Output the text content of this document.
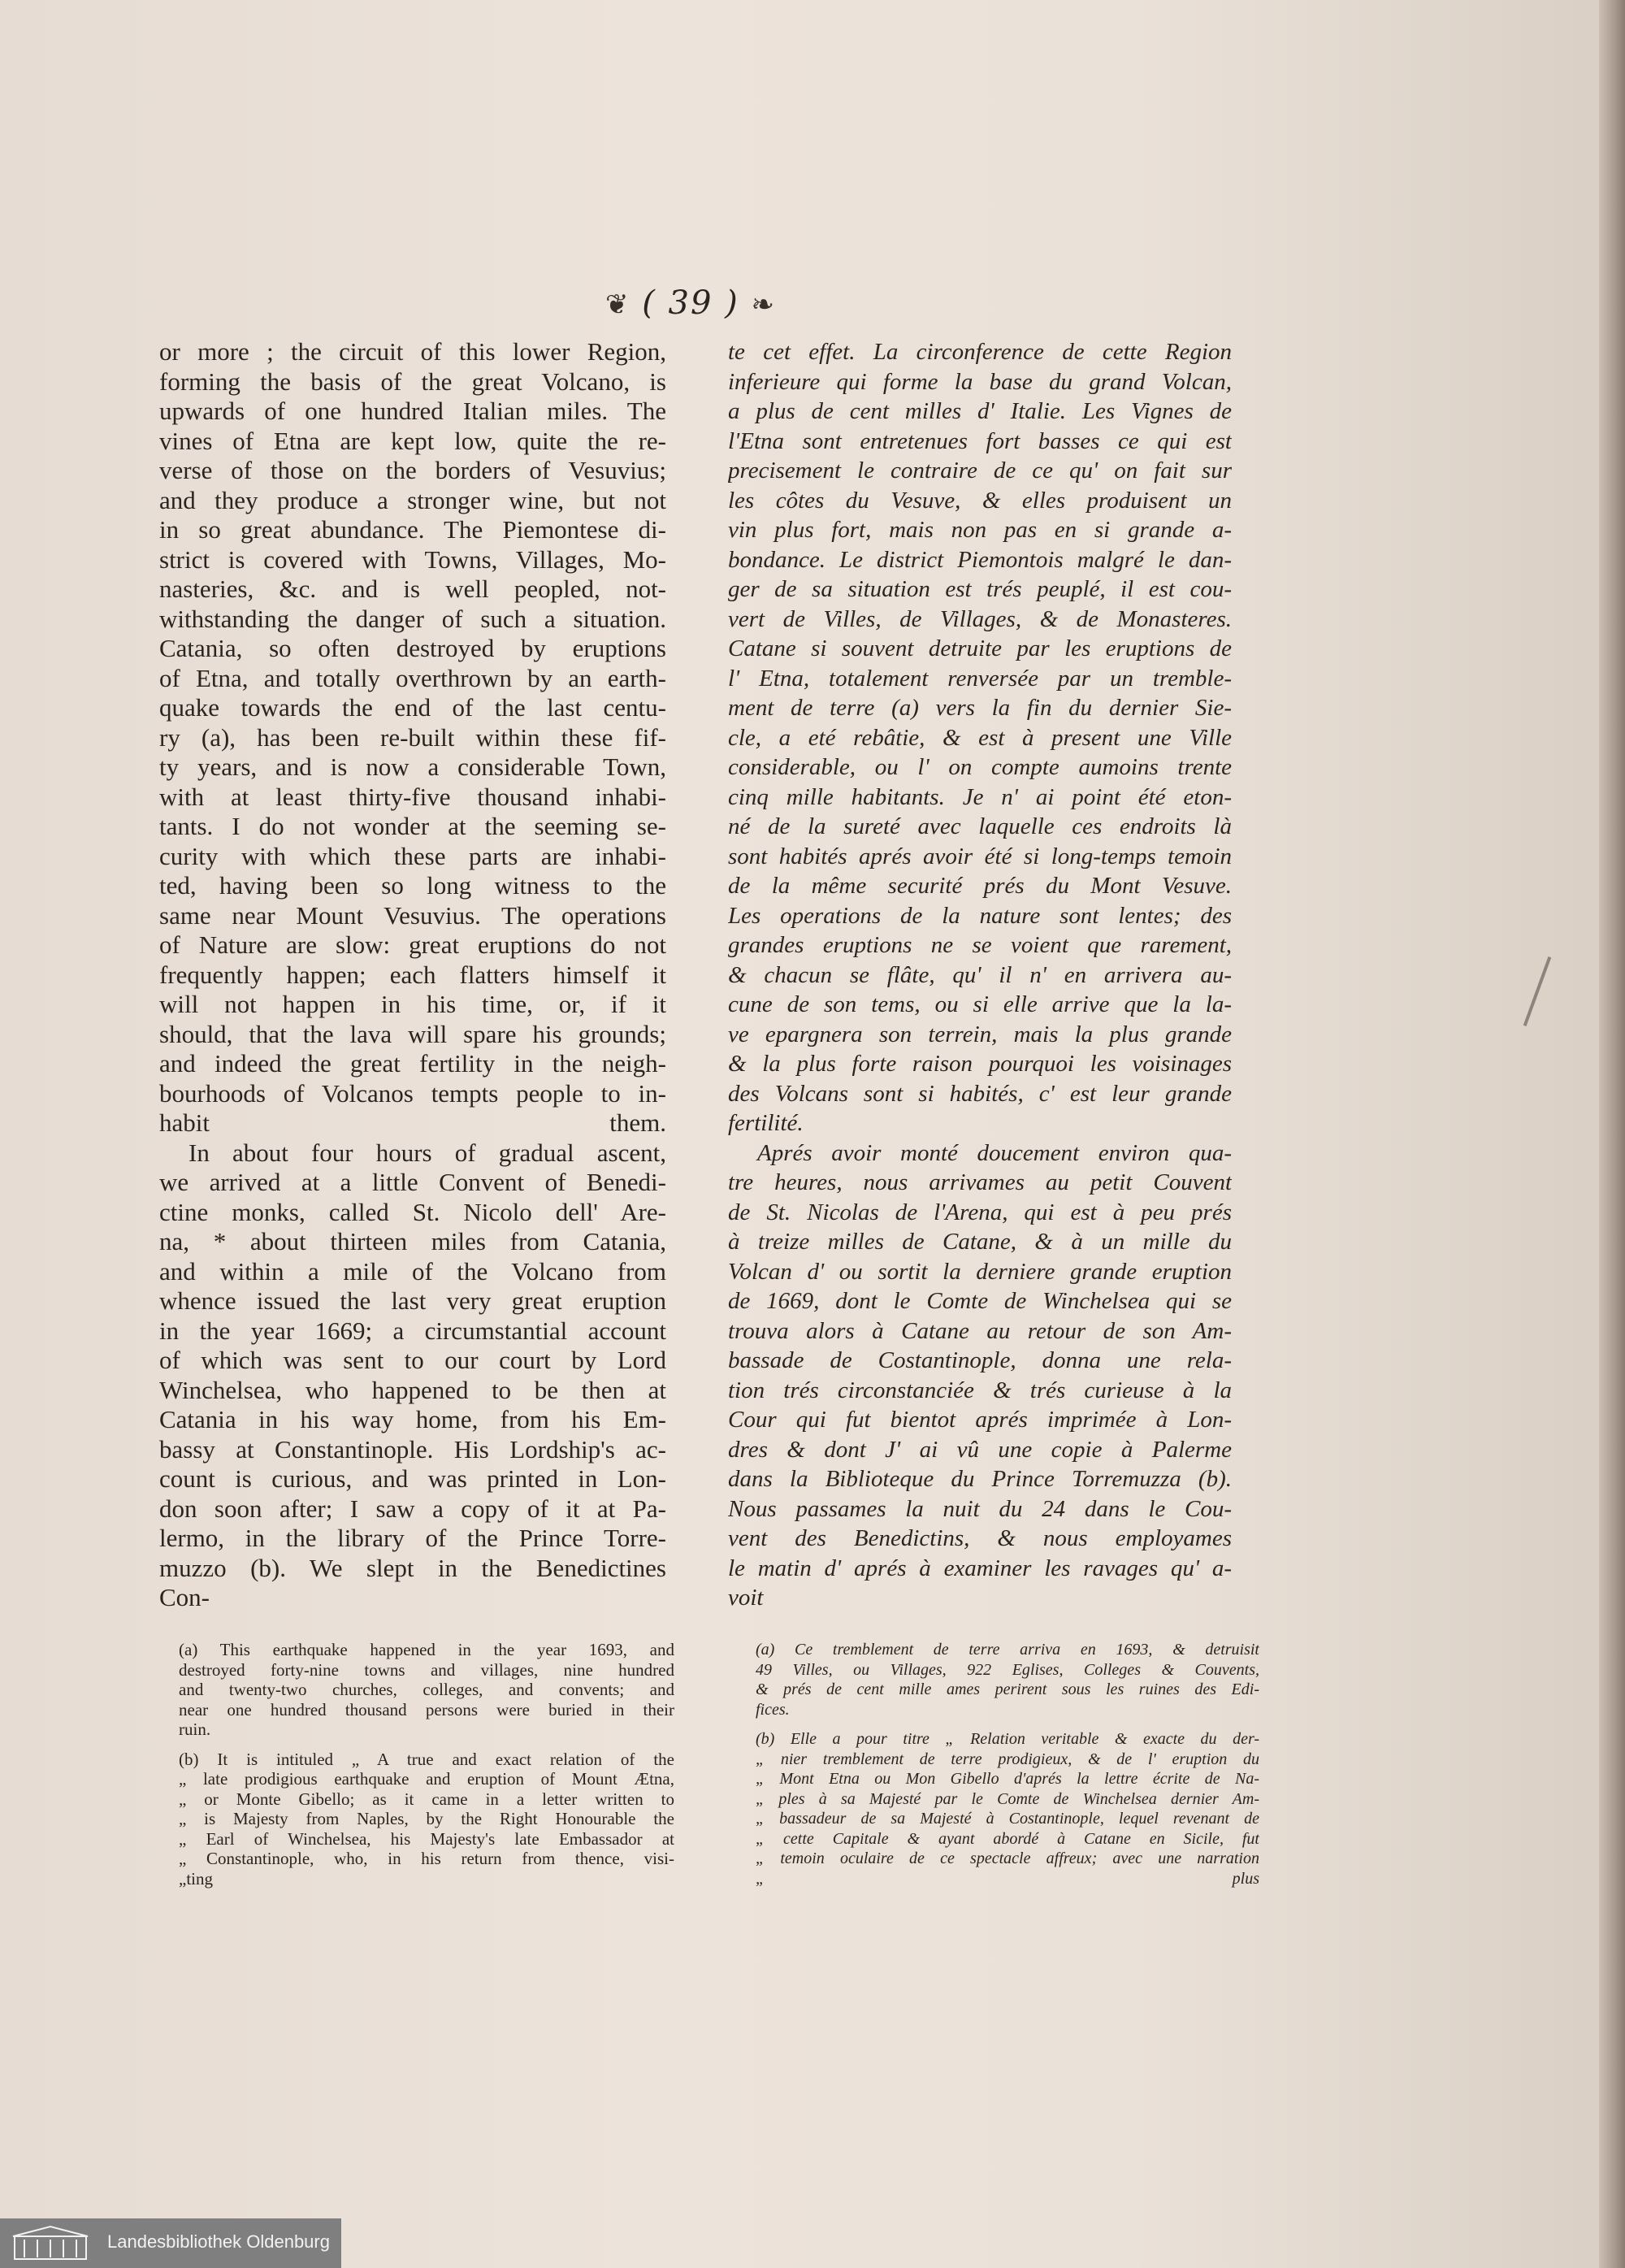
❦ ( 39 ) ❧
or more ; the circuit of this lower Region,
forming the basis of the great Volcano, is
upwards of one hundred Italian miles. The
vines of Etna are kept low, quite the re-
verse of those on the borders of Vesuvius;
and they produce a stronger wine, but not
in so great abundance. The Piemontese di-
strict is covered with Towns, Villages, Mo-
nasteries, &c. and is well peopled, not-
withstanding the danger of such a situation.
Catania, so often destroyed by eruptions
of Etna, and totally overthrown by an earth-
quake towards the end of the last centu-
ry (a), has been re-built within these fif-
ty years, and is now a considerable Town,
with at least thirty-five thousand inhabi-
tants. I do not wonder at the seeming se-
curity with which these parts are inhabi-
ted, having been so long witness to the
same near Mount Vesuvius. The operations
of Nature are slow: great eruptions do not
frequently happen; each flatters himself it
will not happen in his time, or, if it
should, that the lava will spare his grounds;
and indeed the great fertility in the neigh-
bourhoods of Volcanos tempts people to in-
habit them.
In about four hours of gradual ascent,
we arrived at a little Convent of Benedi-
ctine monks, called St. Nicolo dell' Are-
na, * about thirteen miles from Catania,
and within a mile of the Volcano from
whence issued the last very great eruption
in the year 1669; a circumstantial account
of which was sent to our court by Lord
Winchelsea, who happened to be then at
Catania in his way home, from his Em-
bassy at Constantinople. His Lordship's ac-
count is curious, and was printed in Lon-
don soon after; I saw a copy of it at Pa-
lermo, in the library of the Prince Torre-
muzzo (b). We slept in the Benedictines
Con-
te cet effet. La circonference de cette Region
inferieure qui forme la base du grand Volcan,
a plus de cent milles d' Italie. Les Vignes de
l'Etna sont entretenues fort basses ce qui est
precisement le contraire de ce qu' on fait sur
les côtes du Vesuve, & elles produisent un
vin plus fort, mais non pas en si grande a-
bondance. Le district Piemontois malgré le dan-
ger de sa situation est trés peuplé, il est cou-
vert de Villes, de Villages, & de Monasteres.
Catane si souvent detruite par les eruptions de
l' Etna, totalement renversée par un tremble-
ment de terre (a) vers la fin du dernier Sie-
cle, a eté rebâtie, & est à present une Ville
considerable, ou l' on compte aumoins trente
cinq mille habitants. Je n' ai point été eton-
né de la sureté avec laquelle ces endroits là
sont habités aprés avoir été si long-temps temoin
de la même securité prés du Mont Vesuve.
Les operations de la nature sont lentes; des
grandes eruptions ne se voient que rarement,
& chacun se flâte, qu' il n' en arrivera au-
cune de son tems, ou si elle arrive que la la-
ve epargnera son terrein, mais la plus grande
& la plus forte raison pourquoi les voisinages
des Volcans sont si habités, c' est leur grande
fertilité.
Aprés avoir monté doucement environ qua-
tre heures, nous arrivames au petit Couvent
de St. Nicolas de l'Arena, qui est à peu prés
à treize milles de Catane, & à un mille du
Volcan d' ou sortit la derniere grande eruption
de 1669, dont le Comte de Winchelsea qui se
trouva alors à Catane au retour de son Am-
bassade de Costantinople, donna une rela-
tion trés circonstanciée & trés curieuse à la
Cour qui fut bientot aprés imprimée à Lon-
dres & dont J' ai vû une copie à Palerme
dans la Biblioteque du Prince Torremuzza (b).
Nous passames la nuit du 24 dans le Cou-
vent des Benedictins, & nous employames
le matin d' aprés à examiner les ravages qu' a-
voit
(a) This earthquake happened in the year 1693, and
destroyed forty-nine towns and villages, nine hundred
and twenty-two churches, colleges, and convents; and
near one hundred thousand persons were buried in their
ruin.
(b) It is intituled „ A true and exact relation of the
„ late prodigious earthquake and eruption of Mount Ætna,
„ or Monte Gibello; as it came in a letter written to
„ is Majesty from Naples, by the Right Honourable the
„ Earl of Winchelsea, his Majesty's late Embassador at
„ Constantinople, who, in his return from thence, visi-
„ting
(a) Ce tremblement de terre arriva en 1693, & detruisit
49 Villes, ou Villages, 922 Eglises, Colleges & Couvents,
& prés de cent mille ames perirent sous les ruines des Edi-
fices.
(b) Elle a pour titre „ Relation veritable & exacte du der-
„ nier tremblement de terre prodigieux, & de l' eruption du
„ Mont Etna ou Mon Gibello d'aprés la lettre écrite de Na-
„ ples à sa Majesté par le Comte de Winchelsea dernier Am-
„ bassadeur de sa Majesté à Costantinople, lequel revenant de
„ cette Capitale & ayant abordé à Catane en Sicile, fut
„ temoin oculaire de ce spectacle affreux; avec une narration
„ plus
Landesbibliothek Oldenburg
